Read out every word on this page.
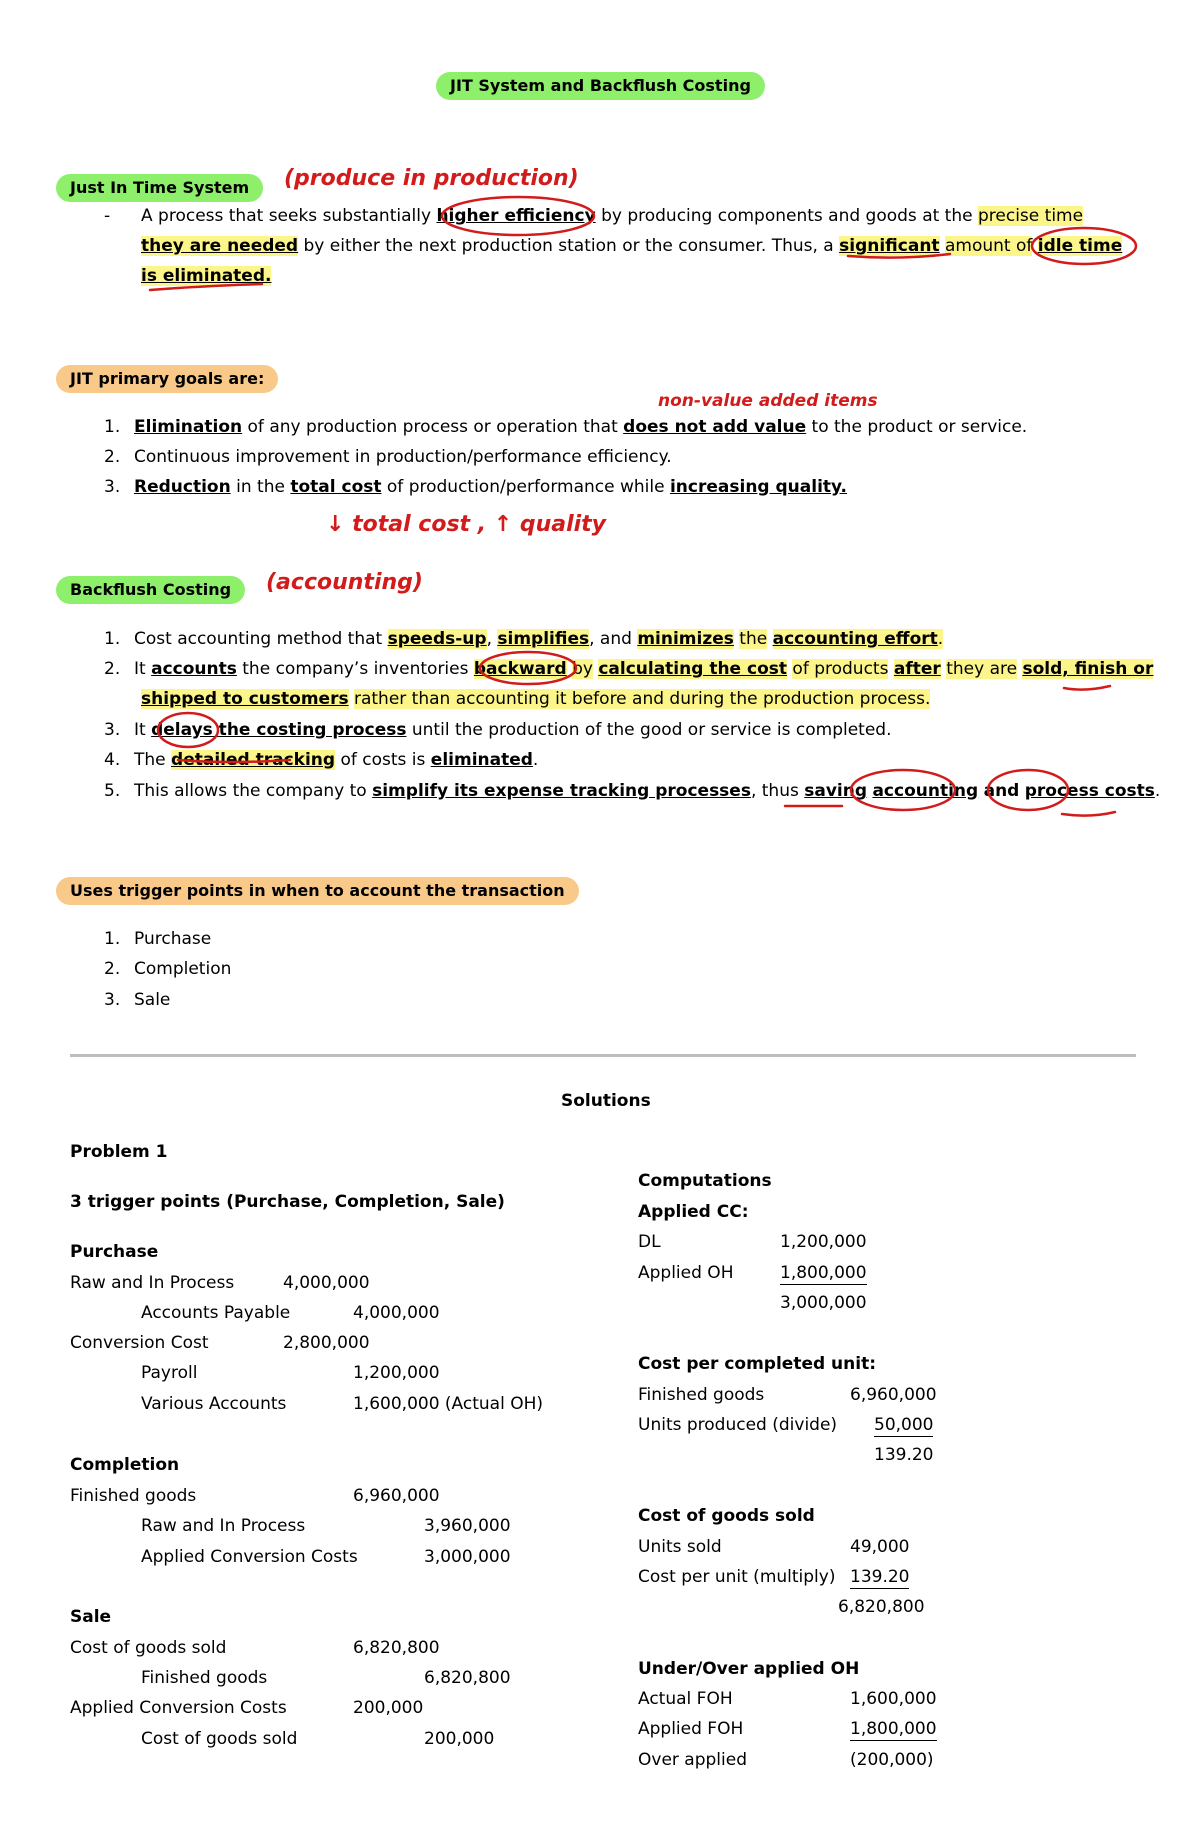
JIT System and Backflush Costing
Just In Time System	(produce in production)
- A process that seeks substantially higher efficiency by producing components and goods at the precise time
they are needed by either the next production station or the consumer. Thus, a significant amount of idle time
is eliminated.
JIT primary goals are:
non-value added items
1. Elimination of any production process or operation that does not add value to the product or service.
2. Continuous improvement in production/performance efficiency.
3. Reduction in the total cost of production/performance while increasing quality.
↓ total cost , ↑ quality
Backflush Costing	(accounting)
1. Cost accounting method that speeds-up, simplifies, and minimizes the accounting effort.
2. It accounts the company’s inventories backward by calculating the cost of products after they are sold, finish or
shipped to customers rather than accounting it before and during the production process.
3. It delays the costing process until the production of the good or service is completed.
4. The detailed tracking of costs is eliminated.
5. This allows the company to simplify its expense tracking processes, thus saving accounting and process costs.
Uses trigger points in when to account the transaction
1. Purchase
2. Completion
3. Sale
Solutions
Problem 1
3 trigger points (Purchase, Completion, Sale)
Purchase
Raw and In Process	4,000,000
Accounts Payable	4,000,000
Conversion Cost	2,800,000
Payroll	1,200,000
Various Accounts	1,600,000 (Actual OH)
Completion
Finished goods	6,960,000
Raw and In Process	3,960,000
Applied Conversion Costs	3,000,000
Sale
Cost of goods sold	6,820,800
Finished goods	6,820,800
Applied Conversion Costs	200,000
Cost of goods sold	200,000
Computations
Applied CC:
DL	1,200,000
Applied OH	1,800,000
3,000,000
Cost per completed unit:
Finished goods	6,960,000
Units produced (divide) 50,000
139.20
Cost of goods sold
Units sold	49,000
Cost per unit (multiply) 139.20
6,820,800
Under/Over applied OH
Actual FOH	1,600,000
Applied FOH	1,800,000
Over applied	(200,000)
